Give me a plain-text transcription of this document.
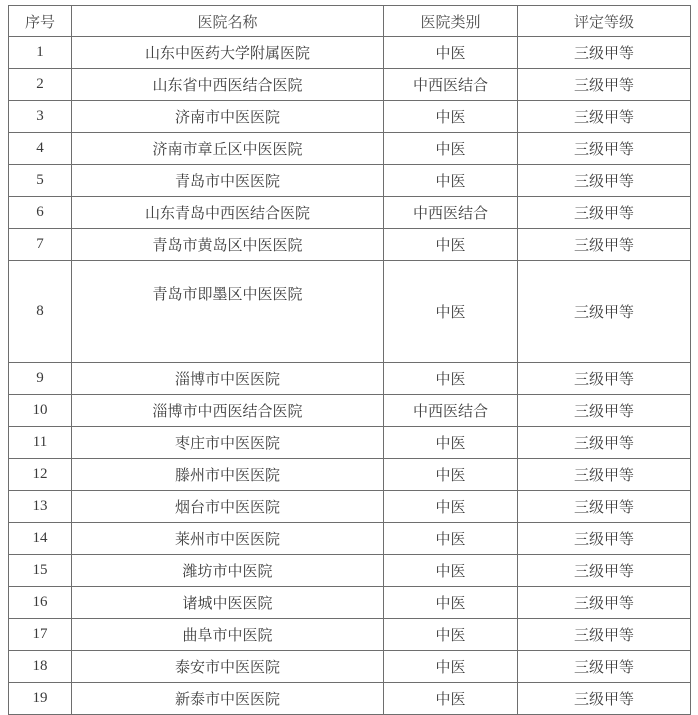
序号	医院名称	医院类别	评定等级
1	山东中医药大学附属医院	中医	三级甲等
2	山东省中西医结合医院	中西医结合	三级甲等
3	济南市中医医院	中医	三级甲等
4	济南市章丘区中医医院	中医	三级甲等
5	青岛市中医医院	中医	三级甲等
6	山东青岛中西医结合医院	中西医结合	三级甲等
7	青岛市黄岛区中医医院	中医	三级甲等
8	青岛市即墨区中医医院	中医	三级甲等
9	淄博市中医医院	中医	三级甲等
10	淄博市中西医结合医院	中西医结合	三级甲等
11	枣庄市中医医院	中医	三级甲等
12	滕州市中医医院	中医	三级甲等
13	烟台市中医医院	中医	三级甲等
14	莱州市中医医院	中医	三级甲等
15	潍坊市中医院	中医	三级甲等
16	诸城中医医院	中医	三级甲等
17	曲阜市中医院	中医	三级甲等
18	泰安市中医医院	中医	三级甲等
19	新泰市中医医院	中医	三级甲等
